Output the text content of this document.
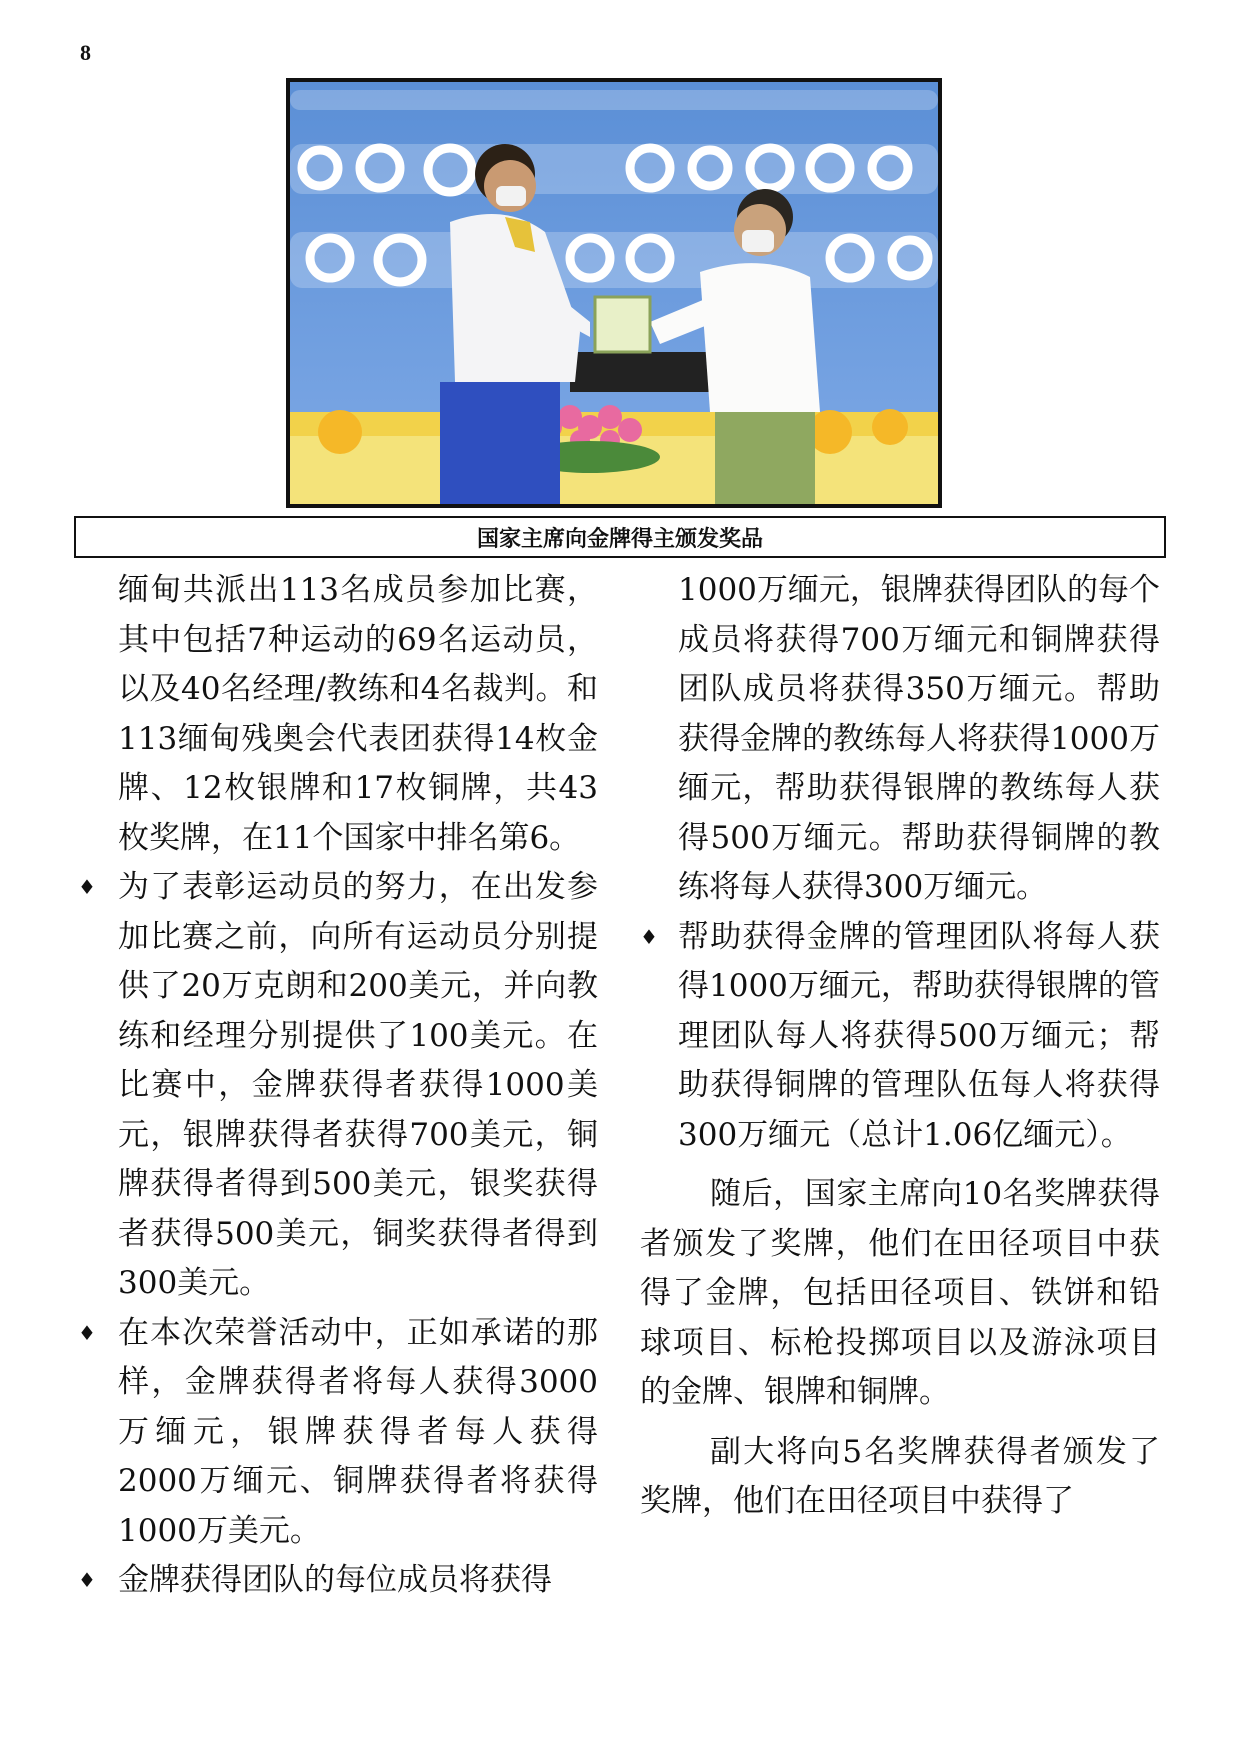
8
国家主席向金牌得主颁发奖品

缅甸共派出113名成员参加比赛，其中包括7种运动的69名运动员，以及40名经理/教练和4名裁判。和113缅甸残奥会代表团获得14枚金牌、12枚银牌和17枚铜牌，共43枚奖牌，在11个国家中排名第6。

♦ 为了表彰运动员的努力，在出发参加比赛之前，向所有运动员分别提供了20万克朗和200美元，并向教练和经理分别提供了100美元。在比赛中，金牌获得者获得1000美元，银牌获得者获得700美元，铜牌获得者得到500美元，银奖获得者获得500美元，铜奖获得者得到300美元。

♦ 在本次荣誉活动中，正如承诺的那样，金牌获得者将每人获得3000万缅元，银牌获得者每人获得2000万缅元、铜牌获得者将获得1000万美元。

♦ 金牌获得团队的每位成员将获得

1000万缅元，银牌获得团队的每个成员将获得700万缅元和铜牌获得团队成员将获得350万缅元。帮助获得金牌的教练每人将获得1000万缅元，帮助获得银牌的教练每人获得500万缅元。帮助获得铜牌的教练将每人获得300万缅元。

♦ 帮助获得金牌的管理团队将每人获得1000万缅元，帮助获得银牌的管理团队每人将获得500万缅元；帮助获得铜牌的管理队伍每人将获得300万缅元（总计1.06亿缅元）。

随后，国家主席向10名奖牌获得者颁发了奖牌，他们在田径项目中获得了金牌，包括田径项目、铁饼和铅球项目、标枪投掷项目以及游泳项目的金牌、银牌和铜牌。

副大将向5名奖牌获得者颁发了奖牌，他们在田径项目中获得了
